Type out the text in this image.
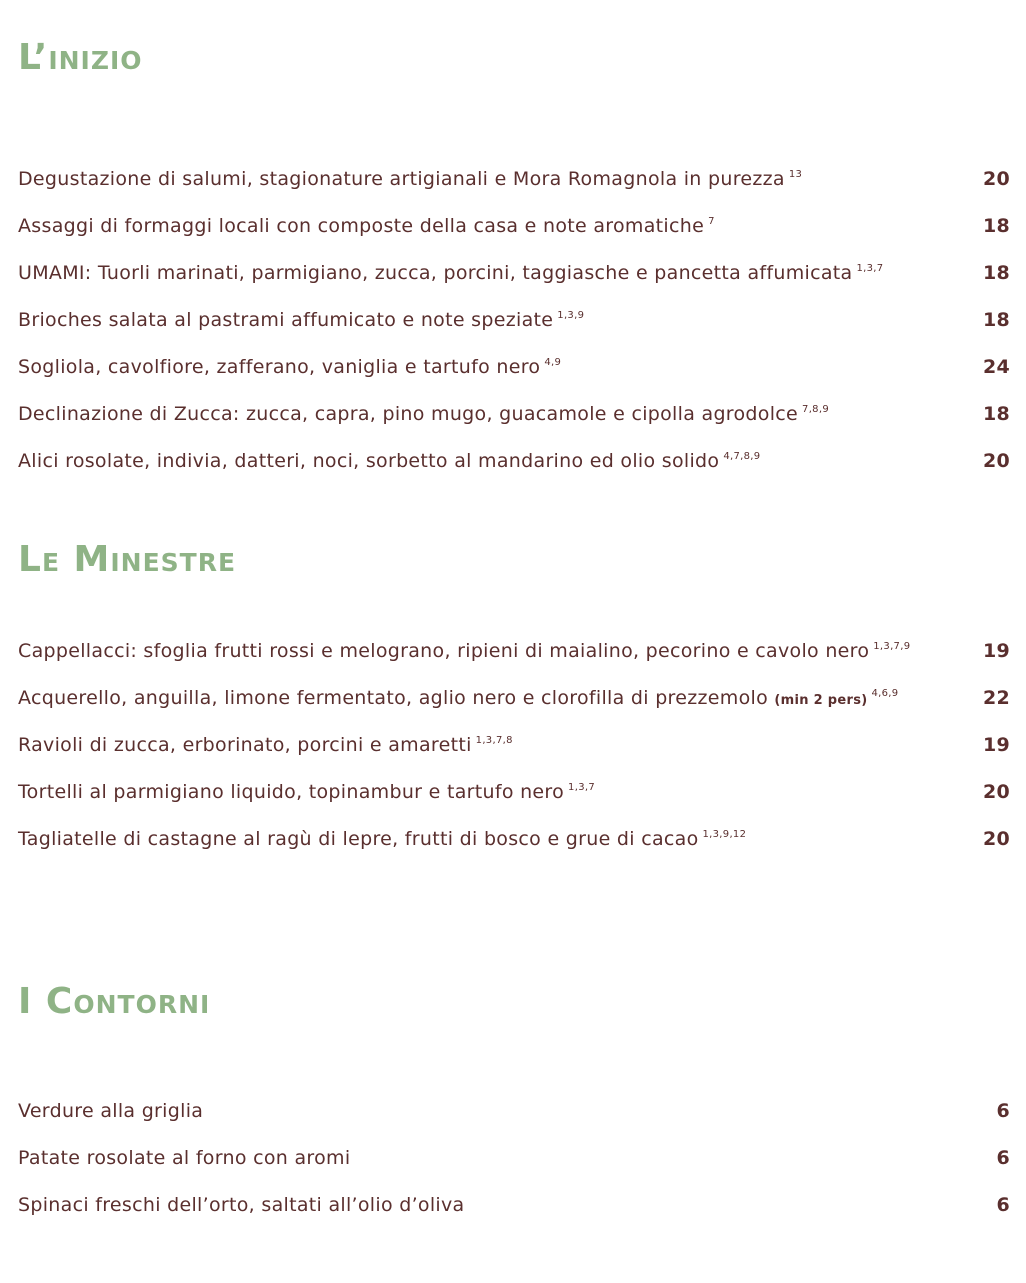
L’inizio
Degustazione di salumi, stagionature artigianali e Mora Romagnola in purezza $^{13}$	20
Assaggi di formaggi locali con composte della casa e note aromatiche $^7$	18
UMAMI: Tuorli marinati, parmigiano, zucca, porcini, taggiasche e pancetta affumicata $^{1,3,7}$	18
Brioches salata al pastrami affumicato e note speziate $^{1,3,9}$	18
Sogliola, cavolfiore, zafferano, vaniglia e tartufo nero $^{4,9}$	24
Declinazione di Zucca: zucca, capra, pino mugo, guacamole e cipolla agrodolce $^{7,8,9}$	18
Alici rosolate, indivia, datteri, noci, sorbetto al mandarino ed olio solido $^{4,7,8,9}$	20
Le Minestre
Cappellacci: sfoglia frutti rossi e melograno, ripieni di maialino, pecorino e cavolo nero $^{1,3,7,9}$	19
Acquerello, anguilla, limone fermentato, aglio nero e clorofilla di prezzemolo (min 2 pers) $^{4,6,9}$	22
Ravioli di zucca, erborinato, porcini e amaretti $^{1,3,7,8}$	19
Tortelli al parmigiano liquido, topinambur e tartufo nero $^{1,3,7}$	20
Tagliatelle di castagne al ragù di lepre, frutti di bosco e grue di cacao $^{1,3,9,12}$	20
I Contorni
Verdure alla griglia	6
Patate rosolate al forno con aromi	6
Spinaci freschi dell’orto, saltati all’olio d’oliva	6
